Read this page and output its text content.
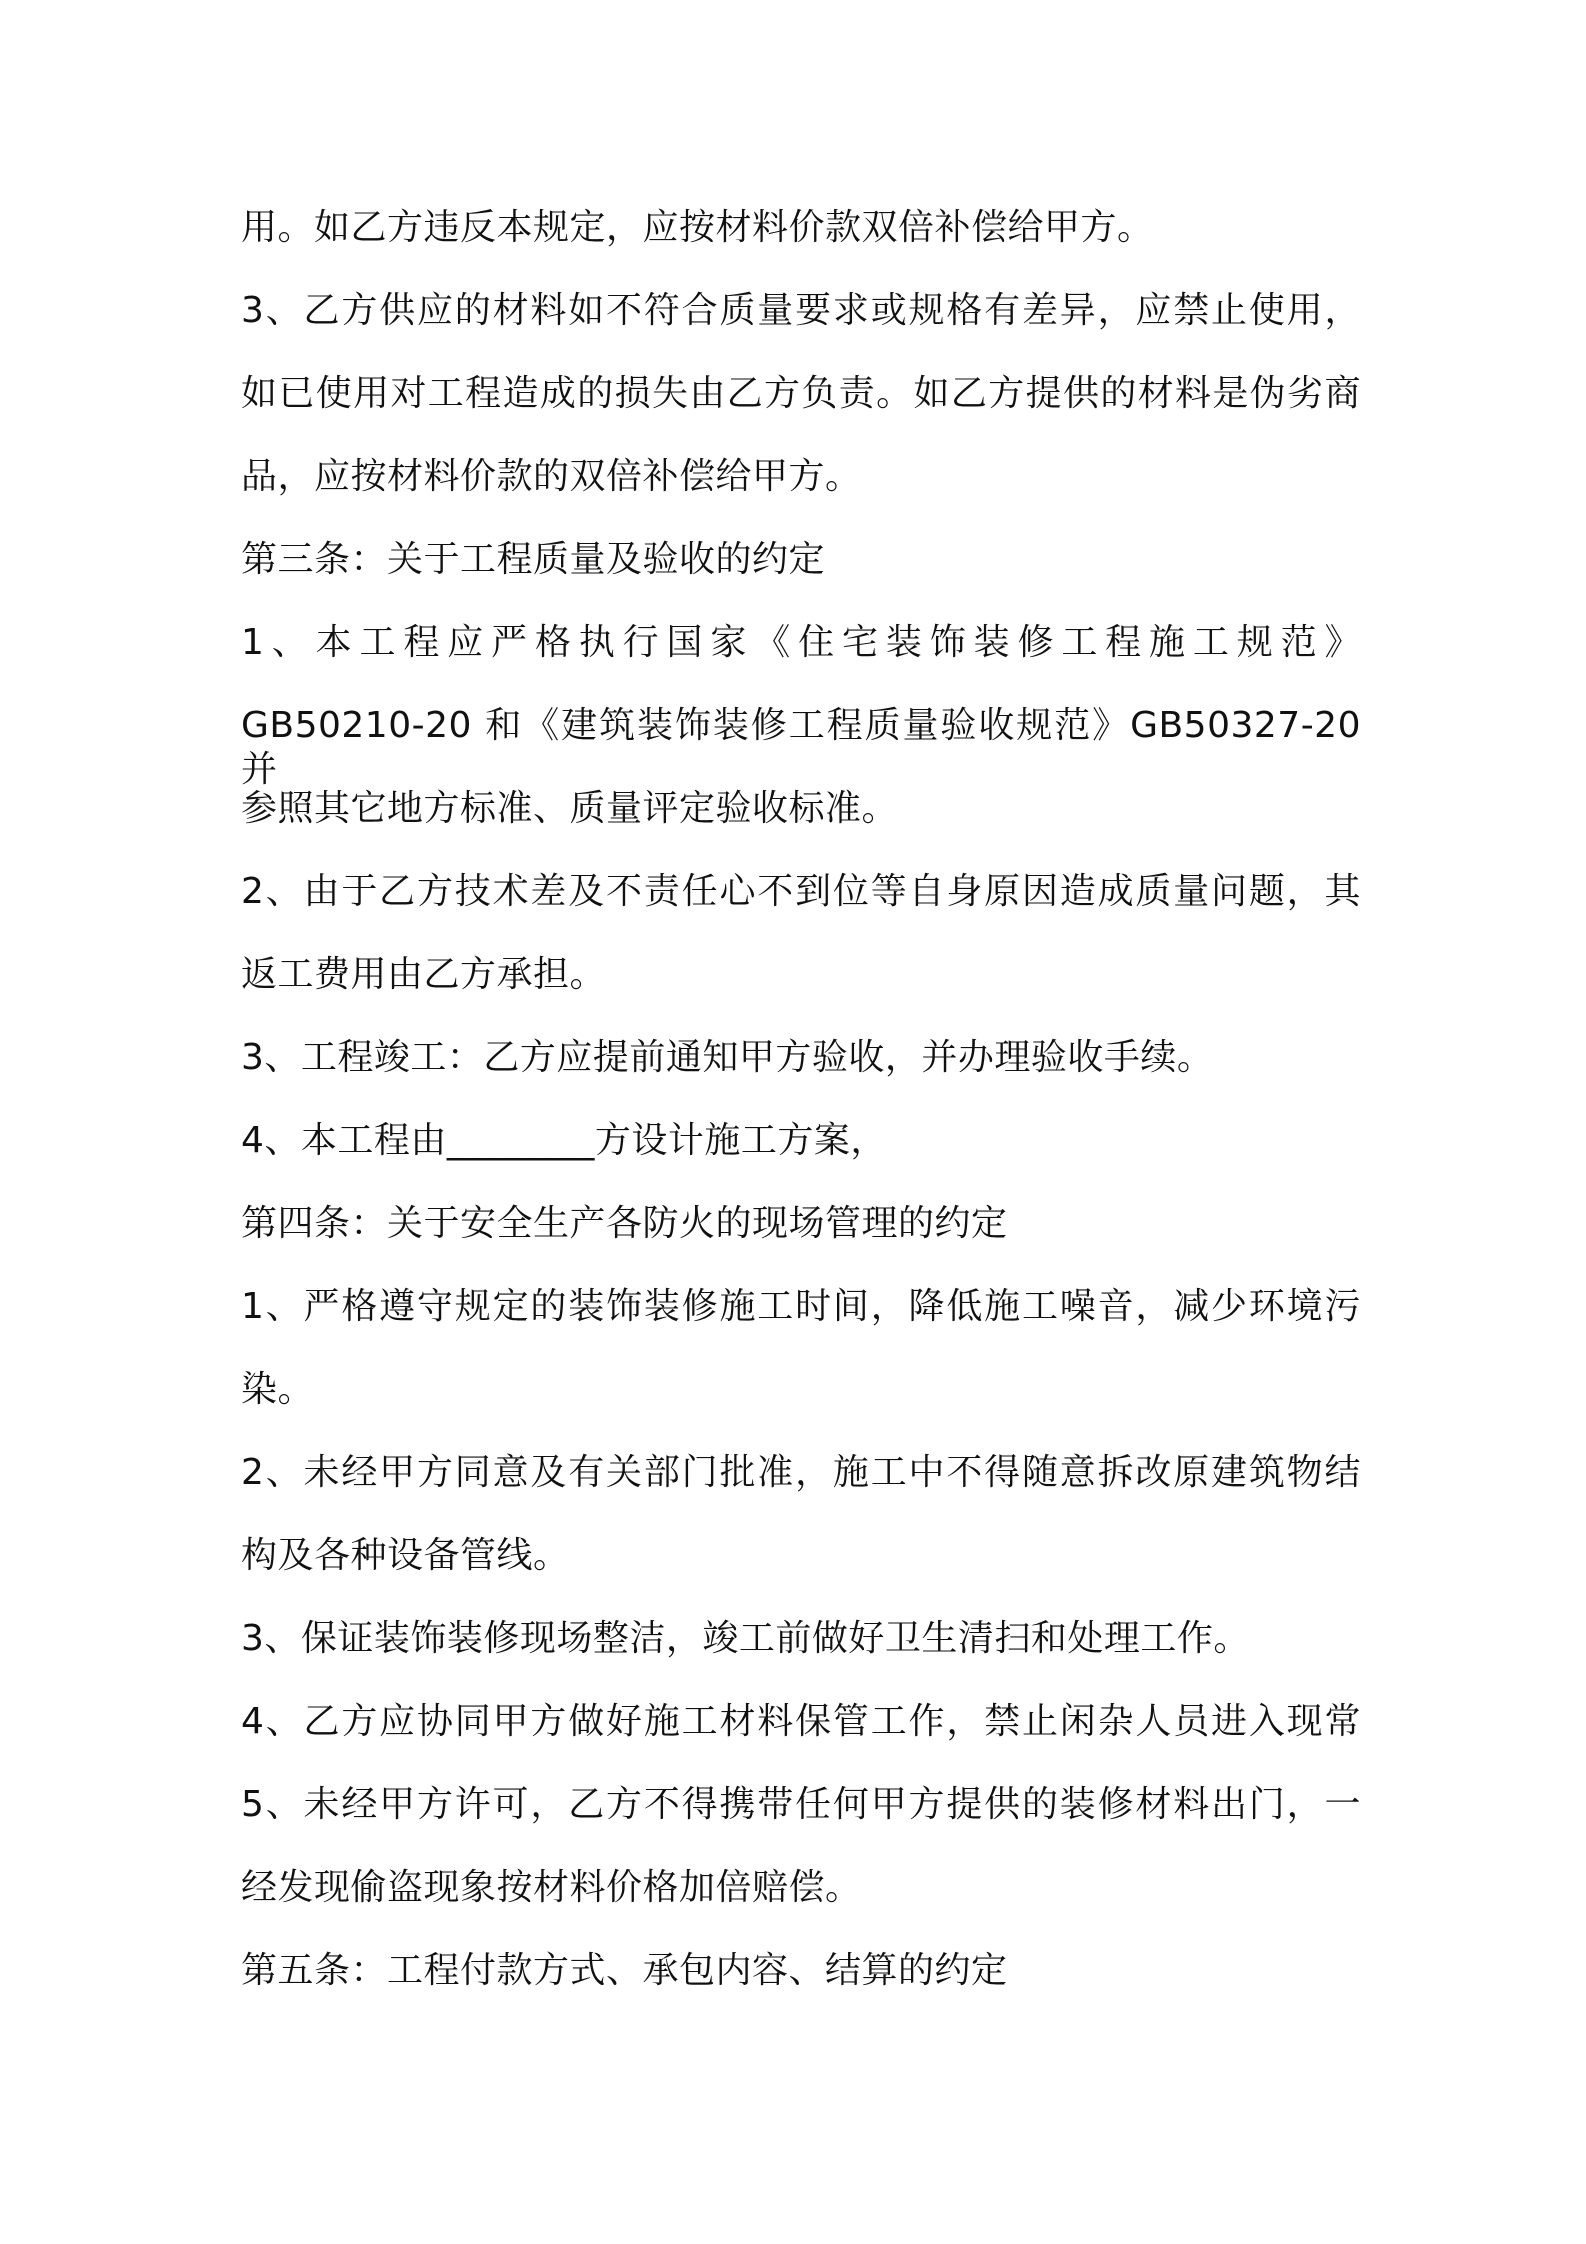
用。如乙方违反本规定，应按材料价款双倍补偿给甲方。
3、乙方供应的材料如不符合质量要求或规格有差异，应禁止使用，
如已使用对工程造成的损失由乙方负责。如乙方提供的材料是伪劣商
品，应按材料价款的双倍补偿给甲方。
第三条：关于工程质量及验收的约定
1、本工程应严格执行国家《住宅装饰装修工程施工规范》
GB50210-20 和《建筑装饰装修工程质量验收规范》GB50327-20 并
参照其它地方标准、质量评定验收标准。
2、由于乙方技术差及不责任心不到位等自身原因造成质量问题，其
返工费用由乙方承担。
3、工程竣工：乙方应提前通知甲方验收，并办理验收手续。
4、本工程由________方设计施工方案，
第四条：关于安全生产各防火的现场管理的约定
1、严格遵守规定的装饰装修施工时间，降低施工噪音，减少环境污
染。
2、未经甲方同意及有关部门批准，施工中不得随意拆改原建筑物结
构及各种设备管线。
3、保证装饰装修现场整洁，竣工前做好卫生清扫和处理工作。
4、乙方应协同甲方做好施工材料保管工作，禁止闲杂人员进入现常
5、未经甲方许可，乙方不得携带任何甲方提供的装修材料出门，一
经发现偷盗现象按材料价格加倍赔偿。
第五条：工程付款方式、承包内容、结算的约定
